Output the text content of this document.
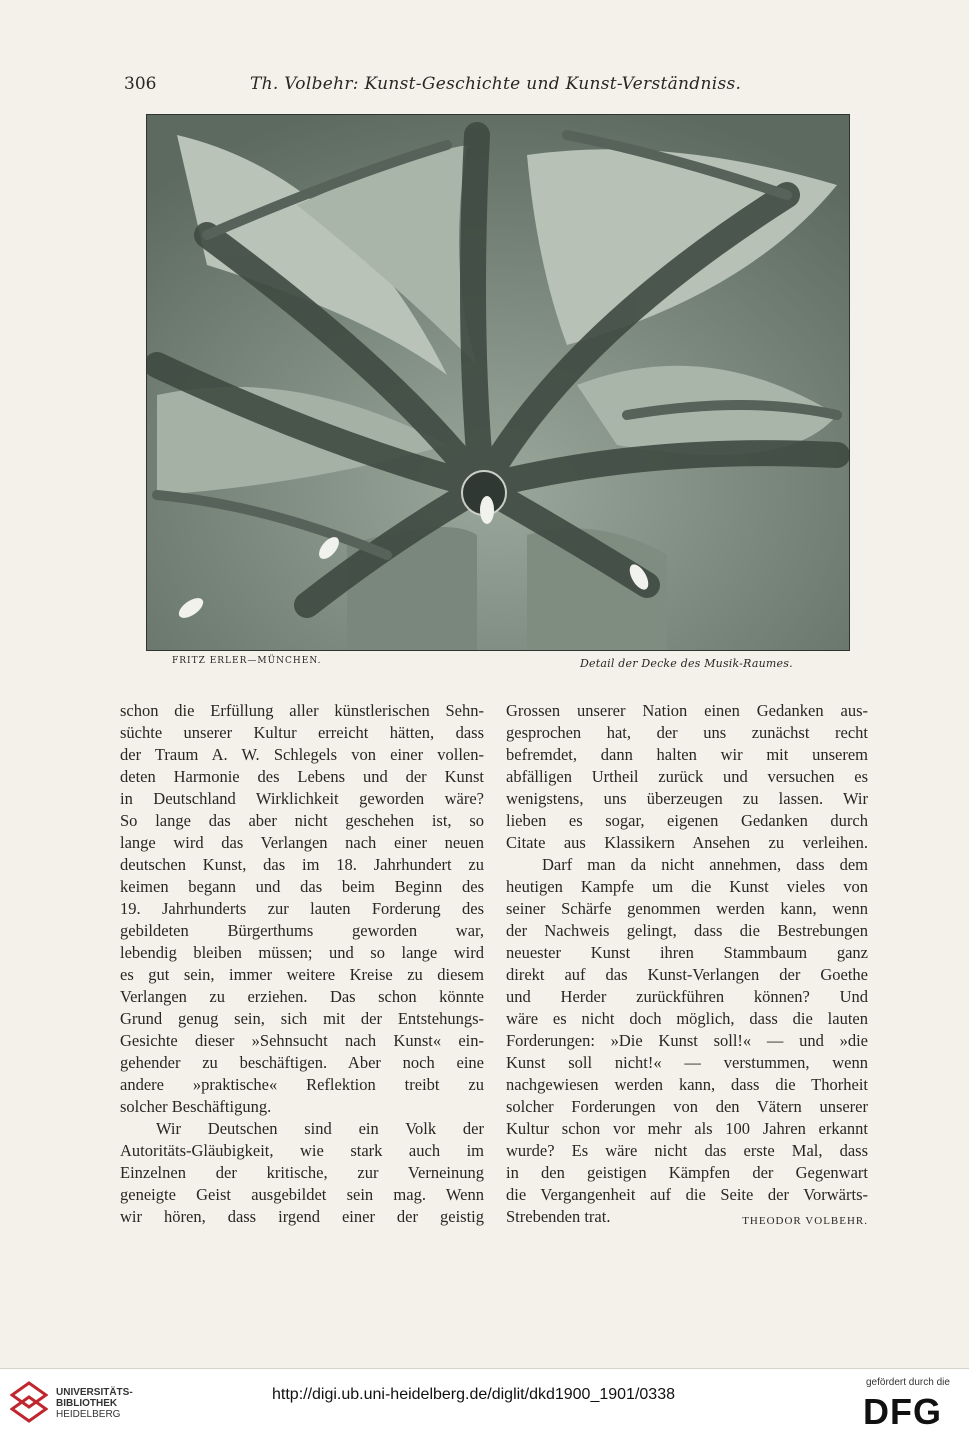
306	Th. Volbehr: Kunst-Geschichte und Kunst-Verständniss.
FRITZ ERLER—MÜNCHEN.	Detail der Decke des Musik-Raumes.
schon die Erfüllung aller künstlerischen Sehn-
süchte unserer Kultur erreicht hätten, dass
der Traum A. W. Schlegels von einer vollen-
deten Harmonie des Lebens und der Kunst
in Deutschland Wirklichkeit geworden wäre?
So lange das aber nicht geschehen ist, so
lange wird das Verlangen nach einer neuen
deutschen Kunst, das im 18. Jahrhundert zu
keimen begann und das beim Beginn des
19. Jahrhunderts zur lauten Forderung des
gebildeten Bürgerthums geworden war,
lebendig bleiben müssen; und so lange wird
es gut sein, immer weitere Kreise zu diesem
Verlangen zu erziehen. Das schon könnte
Grund genug sein, sich mit der Entstehungs-
Gesichte dieser »Sehnsucht nach Kunst« ein-
gehender zu beschäftigen. Aber noch eine
andere »praktische« Reflektion treibt zu
solcher Beschäftigung.
Wir Deutschen sind ein Volk der
Autoritäts-Gläubigkeit, wie stark auch im
Einzelnen der kritische, zur Verneinung
geneigte Geist ausgebildet sein mag. Wenn
wir hören, dass irgend einer der geistig
Grossen unserer Nation einen Gedanken aus-
gesprochen hat, der uns zunächst recht
befremdet, dann halten wir mit unserem
abfälligen Urtheil zurück und versuchen es
wenigstens, uns überzeugen zu lassen. Wir
lieben es sogar, eigenen Gedanken durch
Citate aus Klassikern Ansehen zu verleihen.
Darf man da nicht annehmen, dass dem
heutigen Kampfe um die Kunst vieles von
seiner Schärfe genommen werden kann, wenn
der Nachweis gelingt, dass die Bestrebungen
neuester Kunst ihren Stammbaum ganz
direkt auf das Kunst-Verlangen der Goethe
und Herder zurückführen können? Und
wäre es nicht doch möglich, dass die lauten
Forderungen: »Die Kunst soll!« — und »die
Kunst soll nicht!« — verstummen, wenn
nachgewiesen werden kann, dass die Thorheit
solcher Forderungen von den Vätern unserer
Kultur schon vor mehr als 100 Jahren erkannt
wurde? Es wäre nicht das erste Mal, dass
in den geistigen Kämpfen der Gegenwart
die Vergangenheit auf die Seite der Vorwärts-
Strebenden trat.	THEODOR VOLBEHR.
UNIVERSITÄTS-
BIBLIOTHEK
HEIDELBERG
http://digi.ub.uni-heidelberg.de/diglit/dkd1900_1901/0338
gefördert durch die
DFG
